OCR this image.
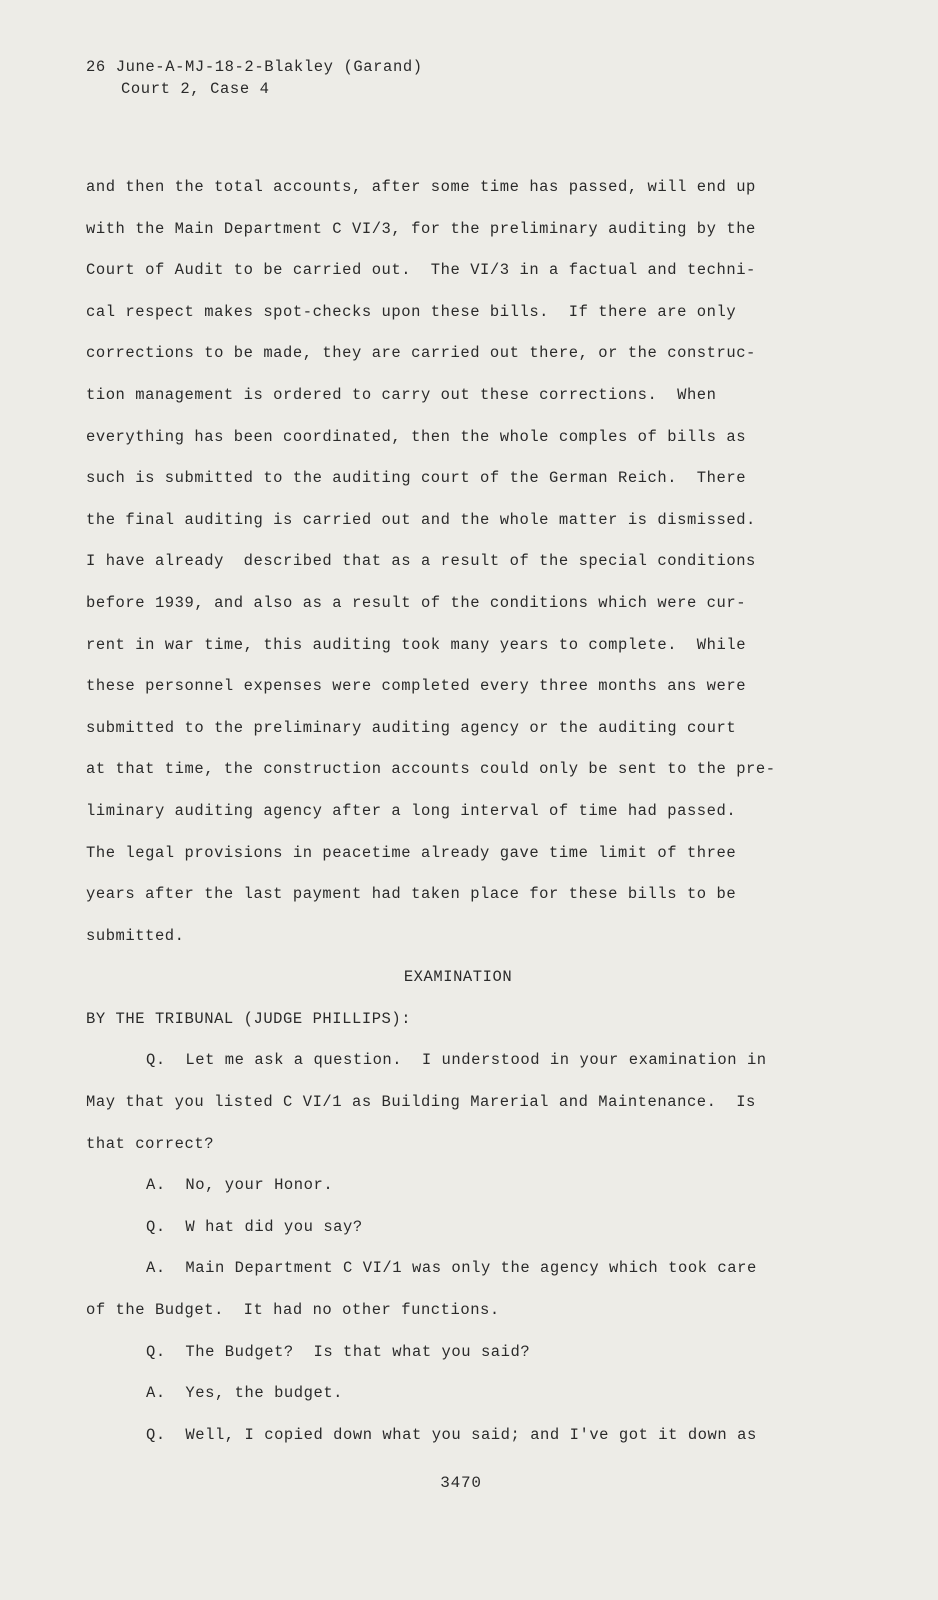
26 June-A-MJ-18-2-Blakley (Garand)
Court 2, Case 4
and then the total accounts, after some time has passed, will end up
with the Main Department C VI/3, for the preliminary auditing by the
Court of Audit to be carried out.  The VI/3 in a factual and techni-
cal respect makes spot-checks upon these bills.  If there are only
corrections to be made, they are carried out there, or the construc-
tion management is ordered to carry out these corrections.  When
everything has been coordinated, then the whole comples of bills as
such is submitted to the auditing court of the German Reich.  There
the final auditing is carried out and the whole matter is dismissed.
I have already  described that as a result of the special conditions
before 1939, and also as a result of the conditions which were cur-
rent in war time, this auditing took many years to complete.  While
these personnel expenses were completed every three months ans were
submitted to the preliminary auditing agency or the auditing court
at that time, the construction accounts could only be sent to the pre-
liminary auditing agency after a long interval of time had passed.
The legal provisions in peacetime already gave time limit of three
years after the last payment had taken place for these bills to be
submitted.
EXAMINATION
BY THE TRIBUNAL (JUDGE PHILLIPS):
Q.  Let me ask a question.  I understood in your examination in
May that you listed C VI/1 as Building Marerial and Maintenance.  Is
that correct?
A.  No, your Honor.
Q.  W hat did you say?
A.  Main Department C VI/1 was only the agency which took care
of the Budget.  It had no other functions.
Q.  The Budget?  Is that what you said?
A.  Yes, the budget.
Q.  Well, I copied down what you said; and I've got it down as
3470
